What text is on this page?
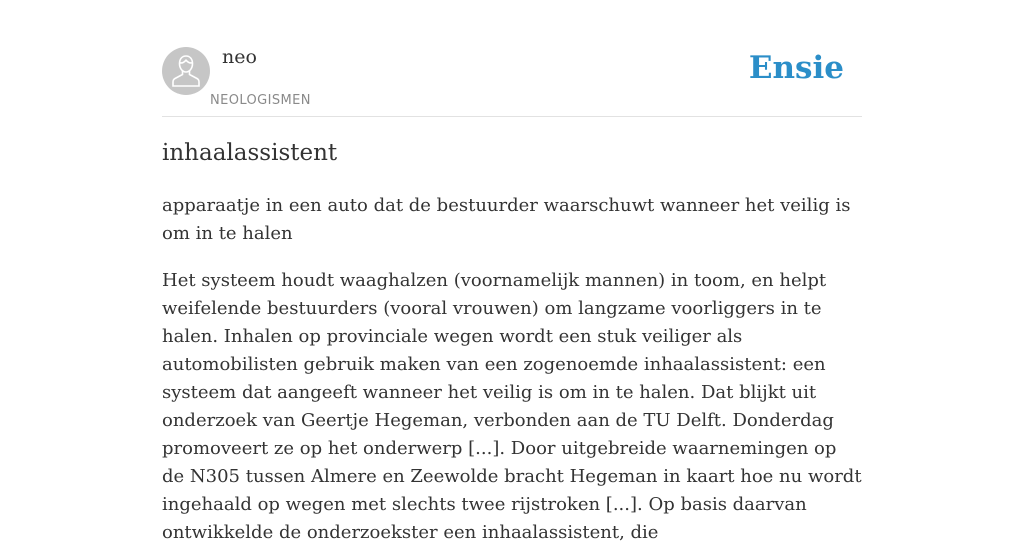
neo
NEOLOGISMEN
Ensie
inhaalassistent

apparaatje in een auto dat de bestuurder waarschuwt wanneer het veilig is om in te halen

Het systeem houdt waaghalzen (voornamelijk mannen) in toom, en helpt weifelende bestuurders (vooral vrouwen) om langzame voorliggers in te halen. Inhalen op provinciale wegen wordt een stuk veiliger als automobilisten gebruik maken van een zogenoemde inhaalassistent: een systeem dat aangeeft wanneer het veilig is om in te halen. Dat blijkt uit onderzoek van Geertje Hegeman, verbonden aan de TU Delft. Donderdag promoveert ze op het onderwerp [...]. Door uitgebreide waarnemingen op de N305 tussen Almere en Zeewolde bracht Hegeman in kaart hoe nu wordt ingehaald op wegen met slechts twee rijstroken [...]. Op basis daarvan ontwikkelde de onderzoekster een inhaalassistent, die
